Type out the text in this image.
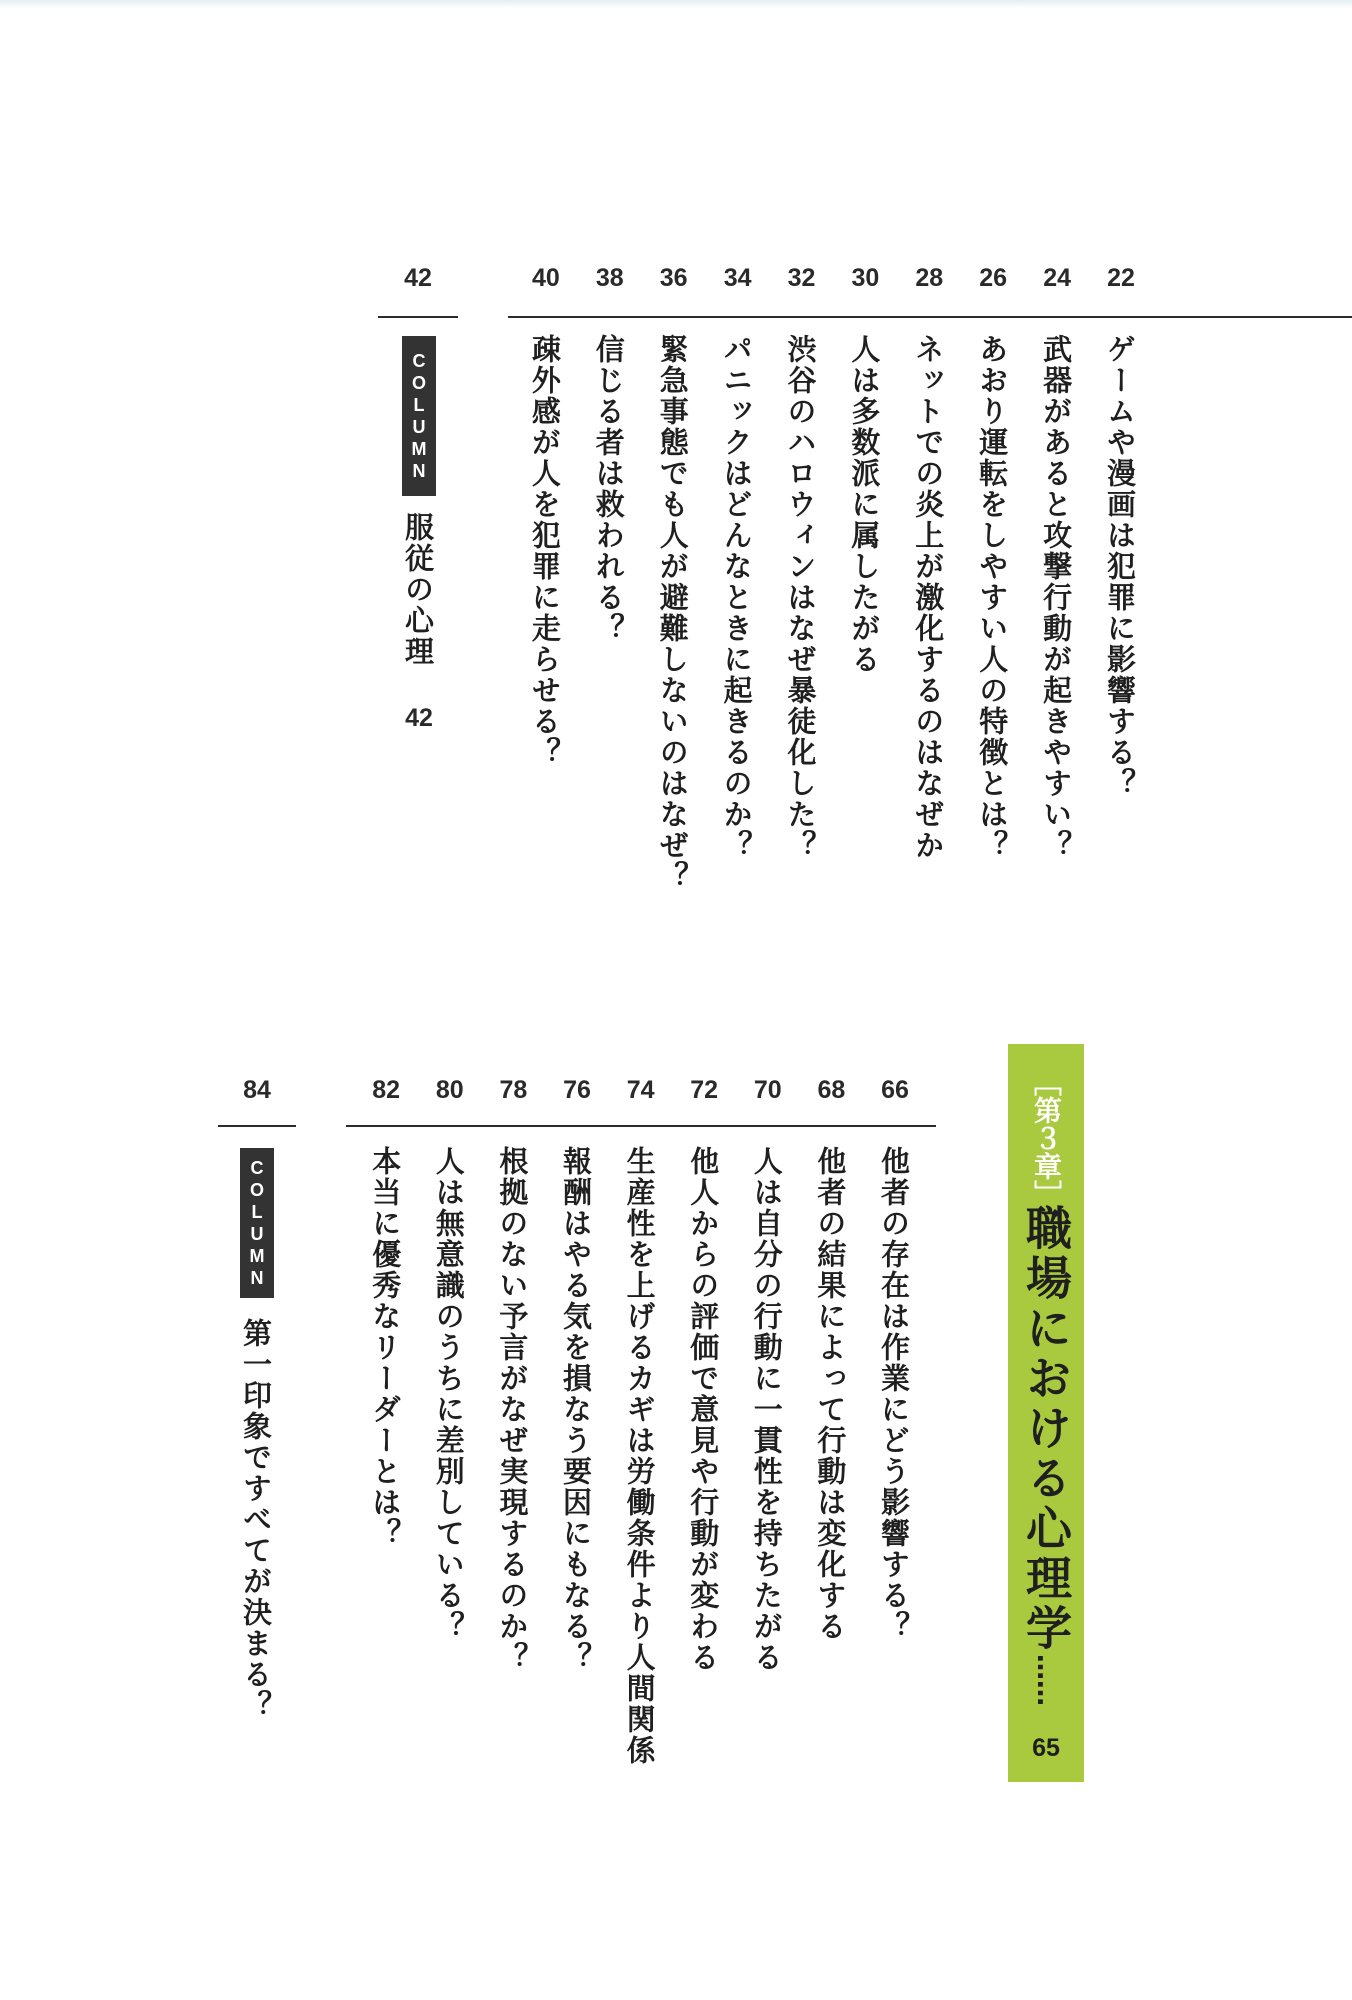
42
C
O
L
U
M
N
服従の心理
42
84
C
O
L
U
M
N
第一印象ですべてが決まる？
［第３章］
職場における心理学
……
65
22
ゲームや漫画は犯罪に影響する？
24
武器があると攻撃行動が起きやすい？
26
あおり運転をしやすい人の特徴とは？
28
ネットでの炎上が激化するのはなぜか
30
人は多数派に属したがる
32
渋谷のハロウィンはなぜ暴徒化した？
34
パニックはどんなときに起きるのか？
36
緊急事態でも人が避難しないのはなぜ？
38
信じる者は救われる？
40
疎外感が人を犯罪に走らせる？
66
他者の存在は作業にどう影響する？
68
他者の結果によって行動は変化する
70
人は自分の行動に一貫性を持ちたがる
72
他人からの評価で意見や行動が変わる
74
生産性を上げるカギは労働条件より人間関係
76
報酬はやる気を損なう要因にもなる？
78
根拠のない予言がなぜ実現するのか？
80
人は無意識のうちに差別している？
82
本当に優秀なリーダーとは？
